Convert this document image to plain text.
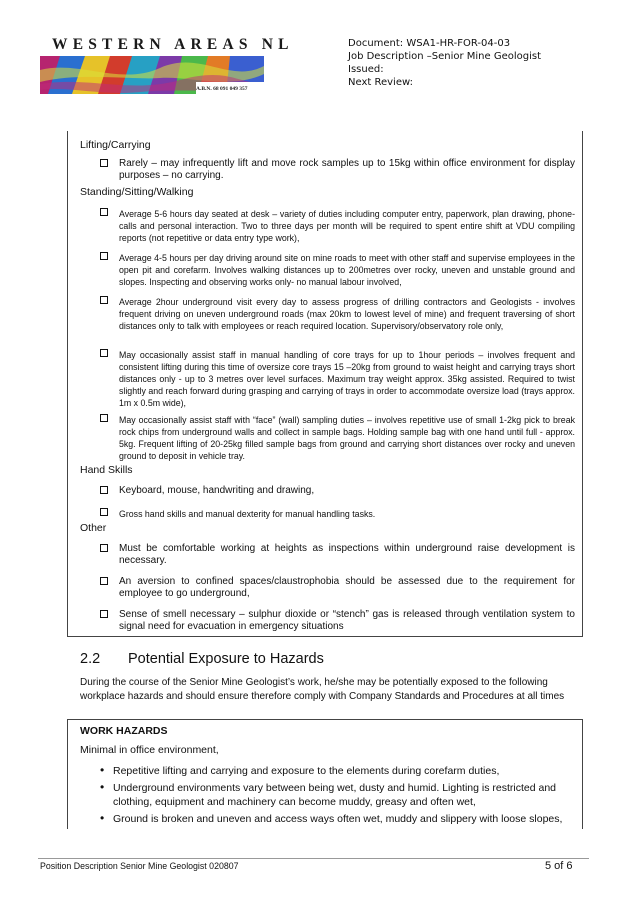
WESTERN AREAS NL
A.B.N. 68 091 049 357
Document: WSA1-HR-FOR-04-03
Job Description –Senior Mine Geologist
Issued:
Next Review:
Lifting/Carrying
Rarely – may infrequently lift and move rock samples up to 15kg within office environment for display purposes – no carrying.
Standing/Sitting/Walking
Average 5-6 hours day seated at desk – variety of duties including computer entry, paperwork, plan drawing, phone-calls and personal interaction. Two to three days per month will be required to spent entire shift at VDU compiling reports (not repetitive or data entry type work),
Average 4-5 hours per day driving around site on mine roads to meet with other staff and supervise employees in the open pit and corefarm. Involves walking distances up to 200metres over rocky, uneven and unstable ground and slopes. Inspecting and observing works only- no manual labour involved,
Average 2hour underground visit every day to assess progress of drilling contractors and Geologists - involves frequent driving on uneven underground roads (max 20km to lowest level of mine) and frequent traversing of short distances only to talk with employees or reach required location. Supervisory/observatory role only,
May occasionally assist staff in manual handling of core trays for up to 1hour periods – involves frequent and consistent lifting during this time of oversize core trays 15 –20kg from ground to waist height and carrying trays short distances only - up to 3 metres over level surfaces. Maximum tray weight approx. 35kg assisted. Required to twist slightly and reach forward during grasping and carrying of trays in order to accommodate oversize load (trays approx. 1m x 0.5m wide),
May occasionally assist staff with “face” (wall) sampling duties – involves repetitive use of small 1-2kg pick to break rock chips from underground walls and collect in sample bags. Holding sample bag with one hand until full - approx. 5kg. Frequent lifting of 20-25kg filled sample bags from ground and carrying short distances over rocky and uneven ground to deposit in vehicle tray.
Hand Skills
Keyboard, mouse, handwriting and drawing,
Gross hand skills and manual dexterity for manual handling tasks.
Other
Must be comfortable working at heights as inspections within underground raise development is necessary.
An aversion to confined spaces/claustrophobia should be assessed due to the requirement for employee to go underground,
Sense of smell necessary – sulphur dioxide or “stench” gas is released through ventilation system to signal need for evacuation in emergency situations
2.2 Potential Exposure to Hazards
During the course of the Senior Mine Geologist’s work, he/she may be potentially exposed to the following workplace hazards and should ensure therefore comply with Company Standards and Procedures at all times
WORK HAZARDS
Minimal in office environment,
• Repetitive lifting and carrying and exposure to the elements during corefarm duties,
• Underground environments vary between being wet, dusty and humid. Lighting is restricted and clothing, equipment and machinery can become muddy, greasy and often wet,
• Ground is broken and uneven and access ways often wet, muddy and slippery with loose slopes,
Position Description Senior Mine Geologist 020807	5 of 6
